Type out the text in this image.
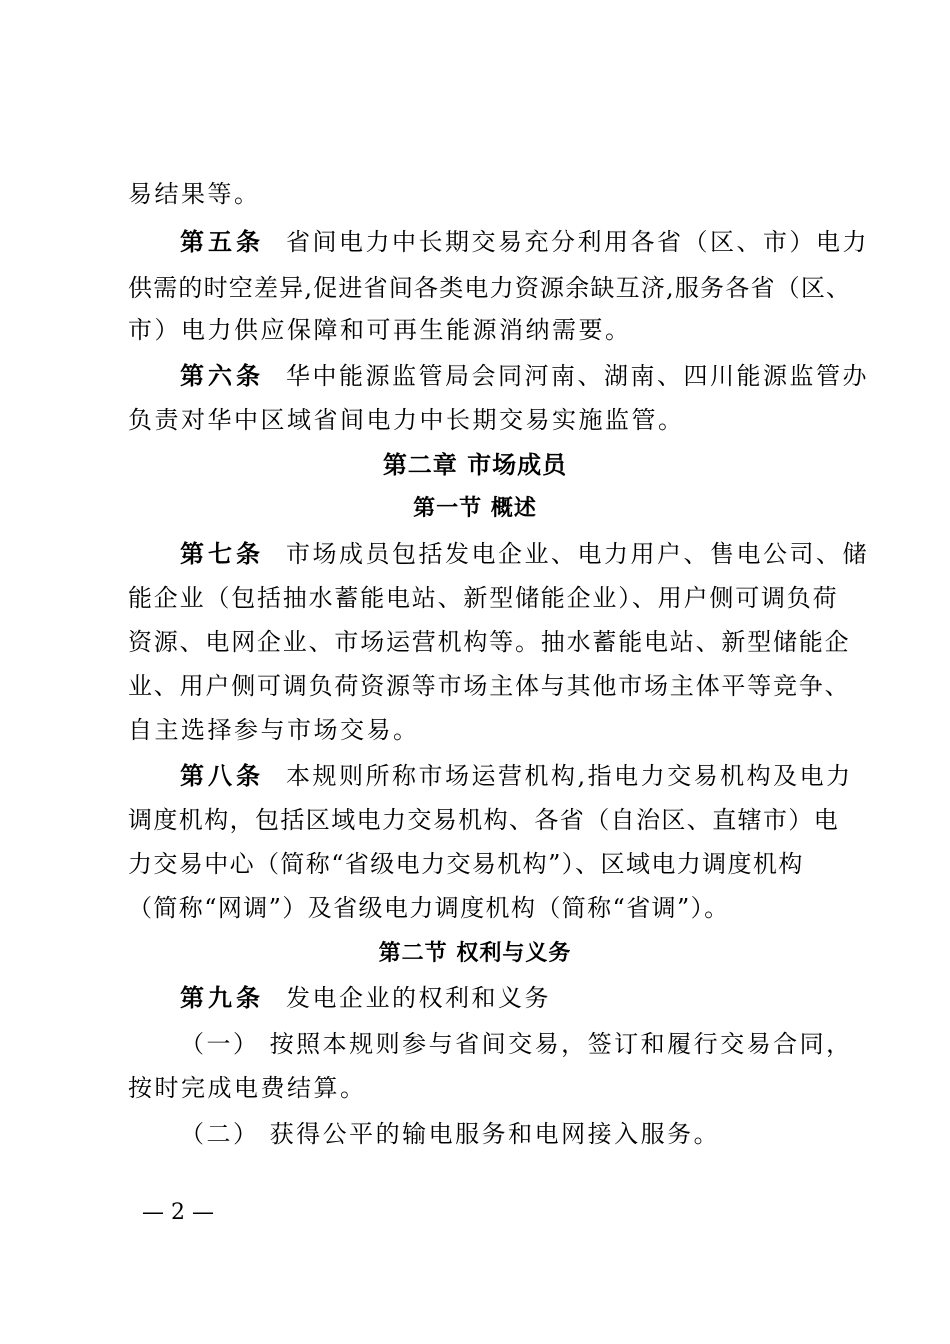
易结果等。
第五条 省间电力中长期交易充分利用各省（区、市）电力
供需的时空差异,促进省间各类电力资源余缺互济,服务各省（区、
市）电力供应保障和可再生能源消纳需要。
第六条 华中能源监管局会同河南、湖南、四川能源监管办
负责对华中区域省间电力中长期交易实施监管。
第二章 市场成员
第一节 概述
第七条 市场成员包括发电企业、电力用户、售电公司、储
能企业（包括抽水蓄能电站、新型储能企业）、用户侧可调负荷
资源、电网企业、市场运营机构等。抽水蓄能电站、新型储能企
业、用户侧可调负荷资源等市场主体与其他市场主体平等竞争、
自主选择参与市场交易。
第八条 本规则所称市场运营机构,指电力交易机构及电力
调度机构，包括区域电力交易机构、各省（自治区、直辖市）电
力交易中心（简称“省级电力交易机构”）、区域电力调度机构
（简称“网调”）及省级电力调度机构（简称“省调”）。
第二节 权利与义务
第九条 发电企业的权利和义务
（一） 按照本规则参与省间交易，签订和履行交易合同，
按时完成电费结算。
（二） 获得公平的输电服务和电网接入服务。
— 2 —
